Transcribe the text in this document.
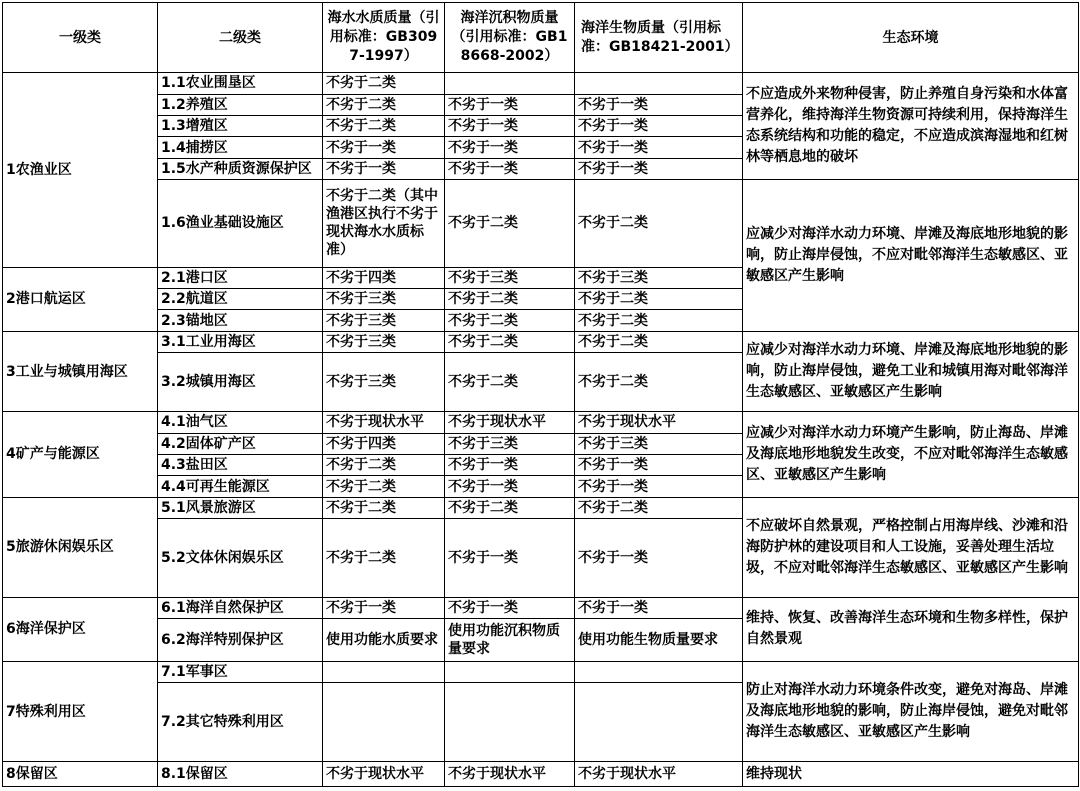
一级类	二级类	海水水质质量（引用标准：GB3097-1997）	海洋沉积物质量（引用标准：GB18668-2002）	海洋生物质量（引用标准：GB18421-2001）	生态环境
1农渔业区	1.1农业围垦区	不劣于二类			不应造成外来物种侵害，防止养殖自身污染和水体富营养化，维持海洋生物资源可持续利用，保持海洋生态系统结构和功能的稳定，不应造成滨海湿地和红树林等栖息地的破坏
	1.2养殖区	不劣于二类	不劣于一类	不劣于一类	
	1.3增殖区	不劣于二类	不劣于一类	不劣于一类	
	1.4捕捞区	不劣于一类	不劣于一类	不劣于一类	
	1.5水产种质资源保护区	不劣于一类	不劣于一类	不劣于一类	
	1.6渔业基础设施区	不劣于二类（其中渔港区执行不劣于现状海水水质标准）	不劣于二类	不劣于二类	应减少对海洋水动力环境、岸滩及海底地形地貌的影响，防止海岸侵蚀，不应对毗邻海洋生态敏感区、亚敏感区产生影响
2港口航运区	2.1港口区	不劣于四类	不劣于三类	不劣于三类	
	2.2航道区	不劣于三类	不劣于二类	不劣于二类	
	2.3锚地区	不劣于三类	不劣于二类	不劣于二类	
3工业与城镇用海区	3.1工业用海区	不劣于三类	不劣于二类	不劣于二类	应减少对海洋水动力环境、岸滩及海底地形地貌的影响，防止海岸侵蚀，避免工业和城镇用海对毗邻海洋生态敏感区、亚敏感区产生影响
	3.2城镇用海区	不劣于三类	不劣于二类	不劣于二类	
4矿产与能源区	4.1油气区	不劣于现状水平	不劣于现状水平	不劣于现状水平	应减少对海洋水动力环境产生影响，防止海岛、岸滩及海底地形地貌发生改变，不应对毗邻海洋生态敏感区、亚敏感区产生影响
	4.2固体矿产区	不劣于四类	不劣于三类	不劣于三类	
	4.3盐田区	不劣于二类	不劣于一类	不劣于一类	
	4.4可再生能源区	不劣于二类	不劣于一类	不劣于一类	
5旅游休闲娱乐区	5.1风景旅游区	不劣于二类	不劣于二类	不劣于二类	不应破坏自然景观，严格控制占用海岸线、沙滩和沿海防护林的建设项目和人工设施，妥善处理生活垃圾，不应对毗邻海洋生态敏感区、亚敏感区产生影响
	5.2文体休闲娱乐区	不劣于二类	不劣于一类	不劣于一类	
6海洋保护区	6.1海洋自然保护区	不劣于一类	不劣于一类	不劣于一类	维持、恢复、改善海洋生态环境和生物多样性，保护自然景观
	6.2海洋特别保护区	使用功能水质要求	使用功能沉积物质量要求	使用功能生物质量要求	
7特殊利用区	7.1军事区				防止对海洋水动力环境条件改变，避免对海岛、岸滩及海底地形地貌的影响，防止海岸侵蚀，避免对毗邻海洋生态敏感区、亚敏感区产生影响
	7.2其它特殊利用区				
8保留区	8.1保留区	不劣于现状水平	不劣于现状水平	不劣于现状水平	维持现状
